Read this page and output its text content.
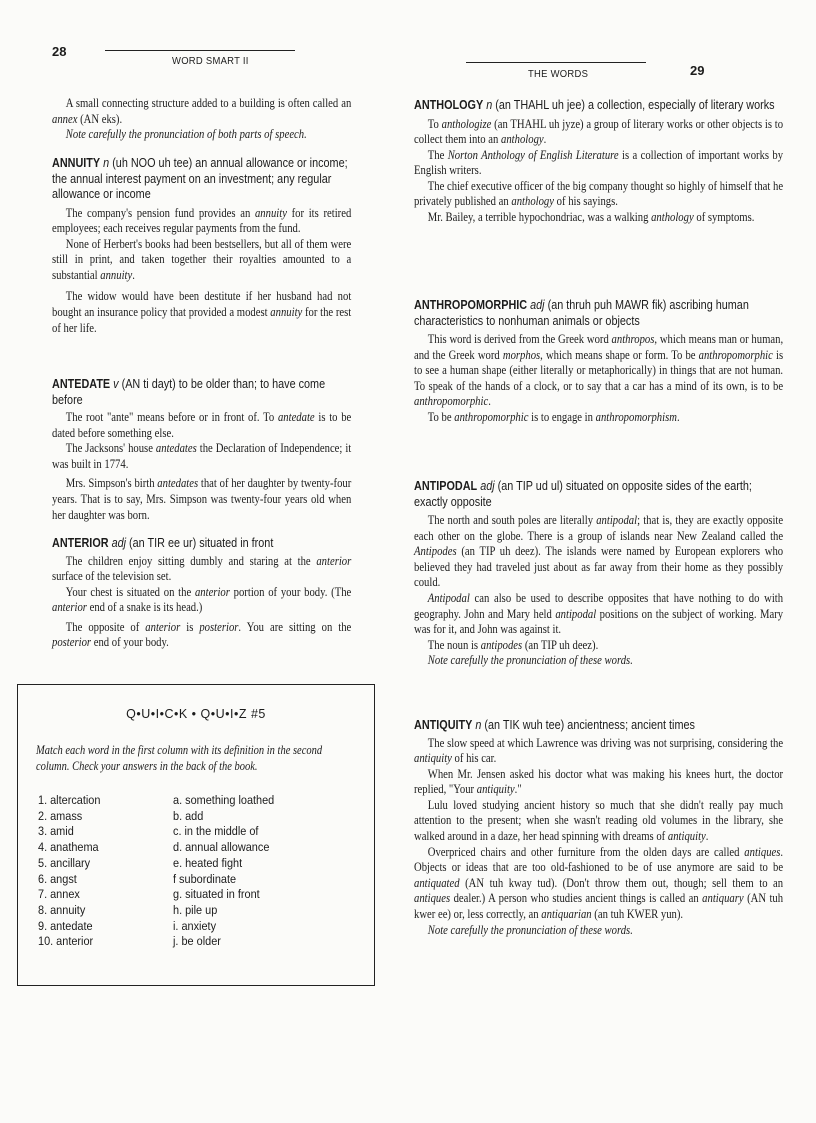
28
WORD SMART II

A small connecting structure added to a building is often called an annex (AN eks).

Note carefully the pronunciation of both parts of speech.

ANNUITY n (uh NOO uh tee) an annual allowance or income; the annual interest payment on an investment; any regular allowance or income

The company's pension fund provides an annuity for its retired employees; each receives regular payments from the fund.

None of Herbert's books had been bestsellers, but all of them were still in print, and taken together their royalties amounted to a substantial annuity.

The widow would have been destitute if her husband had not bought an insurance policy that provided a modest annuity for the rest of her life.

ANTEDATE v (AN ti dayt) to be older than; to have come before

The root "ante" means before or in front of. To antedate is to be dated before something else.

The Jacksons' house antedates the Declaration of Independence; it was built in 1774.

Mrs. Simpson's birth antedates that of her daughter by twenty-four years. That is to say, Mrs. Simpson was twenty-four years old when her daughter was born.

ANTERIOR adj (an TIR ee ur) situated in front

The children enjoy sitting dumbly and staring at the anterior surface of the television set.

Your chest is situated on the anterior portion of your body. (The anterior end of a snake is its head.)

The opposite of anterior is posterior. You are sitting on the posterior end of your body.

Q•U•I•C•K • Q•U•I•Z #5

Match each word in the first column with its definition in the second column. Check your answers in the back of the book.

1. altercation
2. amass
3. amid
4. anathema
5. ancillary
6. angst
7. annex
8. annuity
9. antedate
10. anterior
a. something loathed
b. add
c. in the middle of
d. annual allowance
e. heated fight
f subordinate
g. situated in front
h. pile up
i. anxiety
j. be older
THE WORDS	29

ANTHOLOGY n (an THAHL uh jee) a collection, especially of literary works

To anthologize (an THAHL uh jyze) a group of literary works or other objects is to collect them into an anthology.

The Norton Anthology of English Literature is a collection of important works by English writers.

The chief executive officer of the big company thought so highly of himself that he privately published an anthology of his sayings.

Mr. Bailey, a terrible hypochondriac, was a walking anthology of symptoms.

ANTHROPOMORPHIC adj (an thruh puh MAWR fik) ascribing human characteristics to nonhuman animals or objects

This word is derived from the Greek word anthropos, which means man or human, and the Greek word morphos, which means shape or form. To be anthropomorphic is to see a human shape (either literally or metaphorically) in things that are not human. To speak of the hands of a clock, or to say that a car has a mind of its own, is to be anthropomorphic.

To be anthropomorphic is to engage in anthropomorphism.

ANTIPODAL adj (an TIP ud ul) situated on opposite sides of the earth; exactly opposite

The north and south poles are literally antipodal; that is, they are exactly opposite each other on the globe. There is a group of islands near New Zealand called the Antipodes (an TIP uh deez). The islands were named by European explorers who believed they had traveled just about as far away from their home as they possibly could.

Antipodal can also be used to describe opposites that have nothing to do with geography. John and Mary held antipodal positions on the subject of working. Mary was for it, and John was against it.

The noun is antipodes (an TIP uh deez).

Note carefully the pronunciation of these words.

ANTIQUITY n (an TIK wuh tee) ancientness; ancient times

The slow speed at which Lawrence was driving was not surprising, considering the antiquity of his car.

When Mr. Jensen asked his doctor what was making his knees hurt, the doctor replied, "Your antiquity."

Lulu loved studying ancient history so much that she didn't really pay much attention to the present; when she wasn't reading old volumes in the library, she walked around in a daze, her head spinning with dreams of antiquity.

Overpriced chairs and other furniture from the olden days are called antiques. Objects or ideas that are too old-fashioned to be of use anymore are said to be antiquated (AN tuh kway tud). (Don't throw them out, though; sell them to an antiques dealer.) A person who studies ancient things is called an antiquary (AN tuh kwer ee) or, less correctly, an antiquarian (an tuh KWER yun).

Note carefully the pronunciation of these words.
